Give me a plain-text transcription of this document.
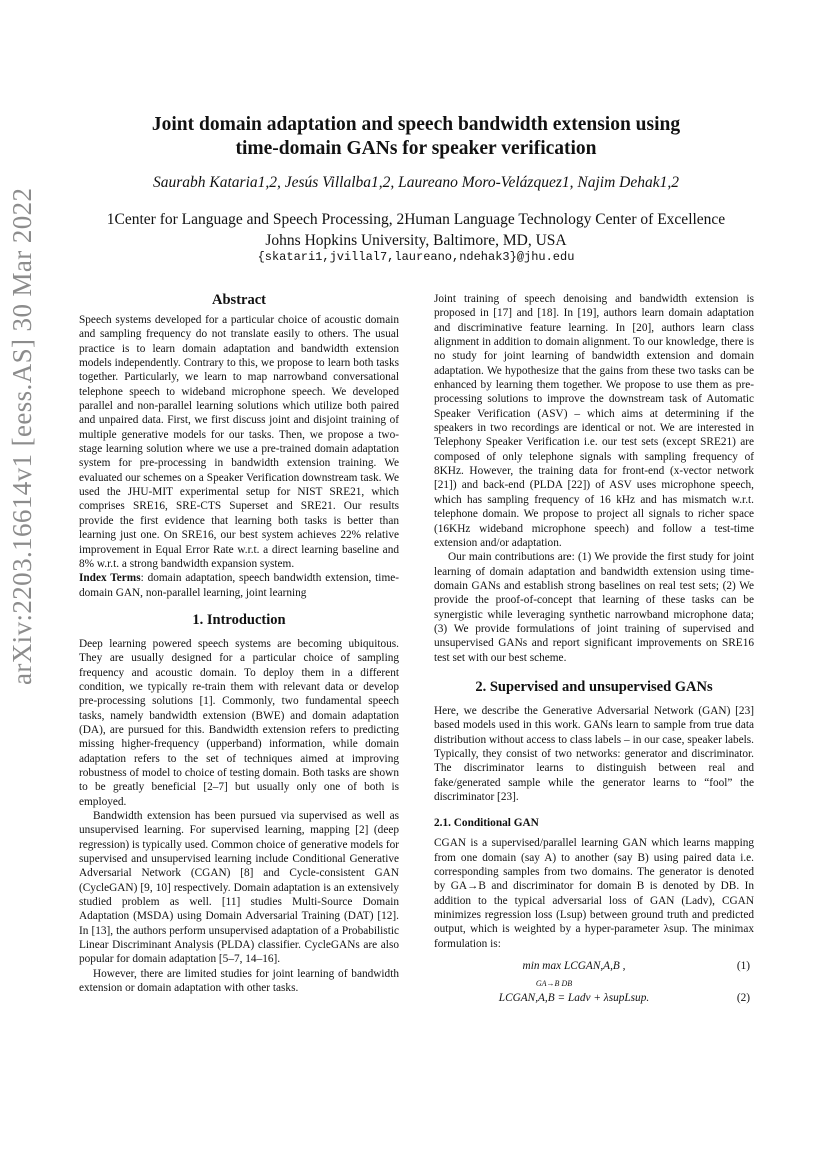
arXiv:2203.16614v1 [eess.AS] 30 Mar 2022
Joint domain adaptation and speech bandwidth extension using
time-domain GANs for speaker verification
Saurabh Kataria1,2, Jesús Villalba1,2, Laureano Moro-Velázquez1, Najim Dehak1,2
1Center for Language and Speech Processing, 2Human Language Technology Center of Excellence
Johns Hopkins University, Baltimore, MD, USA
{skatari1,jvillal7,laureano,ndehak3}@jhu.edu
Abstract

Speech systems developed for a particular choice of acoustic domain and sampling frequency do not translate easily to others. The usual practice is to learn domain adaptation and bandwidth extension models independently. Contrary to this, we propose to learn both tasks together. Particularly, we learn to map narrowband conversational telephone speech to wideband microphone speech. We developed parallel and non-parallel learning solutions which utilize both paired and unpaired data. First, we first discuss joint and disjoint training of multiple generative models for our tasks. Then, we propose a two-stage learning solution where we use a pre-trained domain adaptation system for pre-processing in bandwidth extension training. We evaluated our schemes on a Speaker Verification downstream task. We used the JHU-MIT experimental setup for NIST SRE21, which comprises SRE16, SRE-CTS Superset and SRE21. Our results provide the first evidence that learning both tasks is better than learning just one. On SRE16, our best system achieves 22% relative improvement in Equal Error Rate w.r.t. a direct learning baseline and 8% w.r.t. a strong bandwidth expansion system.

Index Terms: domain adaptation, speech bandwidth extension, time-domain GAN, non-parallel learning, joint learning

1. Introduction

Deep learning powered speech systems are becoming ubiquitous. They are usually designed for a particular choice of sampling frequency and acoustic domain. To deploy them in a different condition, we typically re-train them with relevant data or develop pre-processing solutions [1]. Commonly, two fundamental speech tasks, namely bandwidth extension (BWE) and domain adaptation (DA), are pursued for this. Bandwidth extension refers to predicting missing higher-frequency (upperband) information, while domain adaptation refers to the set of techniques aimed at improving robustness of model to choice of testing domain. Both tasks are shown to be greatly beneficial [2–7] but usually only one of both is employed.

Bandwidth extension has been pursued via supervised as well as unsupervised learning. For supervised learning, mapping [2] (deep regression) is typically used. Common choice of generative models for supervised and unsupervised learning include Conditional Generative Adversarial Network (CGAN) [8] and Cycle-consistent GAN (CycleGAN) [9, 10] respectively. Domain adaptation is an extensively studied problem as well. [11] studies Multi-Source Domain Adaptation (MSDA) using Domain Adversarial Training (DAT) [12]. In [13], the authors perform unsupervised adaptation of a Probabilistic Linear Discriminant Analysis (PLDA) classifier. CycleGANs are also popular for domain adaptation [5–7, 14–16].

However, there are limited studies for joint learning of bandwidth extension or domain adaptation with other tasks.

Joint training of speech denoising and bandwidth extension is proposed in [17] and [18]. In [19], authors learn domain adaptation and discriminative feature learning. In [20], authors learn class alignment in addition to domain alignment. To our knowledge, there is no study for joint learning of bandwidth extension and domain adaptation. We hypothesize that the gains from these two tasks can be enhanced by learning them together. We propose to use them as pre-processing solutions to improve the downstream task of Automatic Speaker Verification (ASV) – which aims at determining if the speakers in two recordings are identical or not. We are interested in Telephony Speaker Verification i.e. our test sets (except SRE21) are composed of only telephone signals with sampling frequency of 8KHz. However, the training data for front-end (x-vector network [21]) and back-end (PLDA [22]) of ASV uses microphone speech, which has sampling frequency of 16 kHz and has mismatch w.r.t. telephone domain. We propose to project all signals to richer space (16KHz wideband microphone speech) and follow a test-time extension and/or adaptation.

Our main contributions are: (1) We provide the first study for joint learning of domain adaptation and bandwidth extension using time-domain GANs and establish strong baselines on real test sets; (2) We provide the proof-of-concept that learning of these tasks can be synergistic while leveraging synthetic narrowband microphone data; (3) We provide formulations of joint training of supervised and unsupervised GANs and report significant improvements on SRE16 test set with our best scheme.

2. Supervised and unsupervised GANs

Here, we describe the Generative Adversarial Network (GAN) [23] based models used in this work. GANs learn to sample from true data distribution without access to class labels – in our case, speaker labels. Typically, they consist of two networks: generator and discriminator. The discriminator learns to distinguish between real and fake/generated sample while the generator learns to “fool” the discriminator [23].

2.1. Conditional GAN

CGAN is a supervised/parallel learning GAN which learns mapping from one domain (say A) to another (say B) using paired data i.e. corresponding samples from two domains. The generator is denoted by GA→B and discriminator for domain B is denoted by DB. In addition to the typical adversarial loss of GAN (Ladv), CGAN minimizes regression loss (Lsup) between ground truth and predicted output, which is weighted by a hyper-parameter λsup. The minimax formulation is:

min max LCGAN,A,B ,	(1)
GA→B DB
LCGAN,A,B = Ladv + λsupLsup.	(2)
